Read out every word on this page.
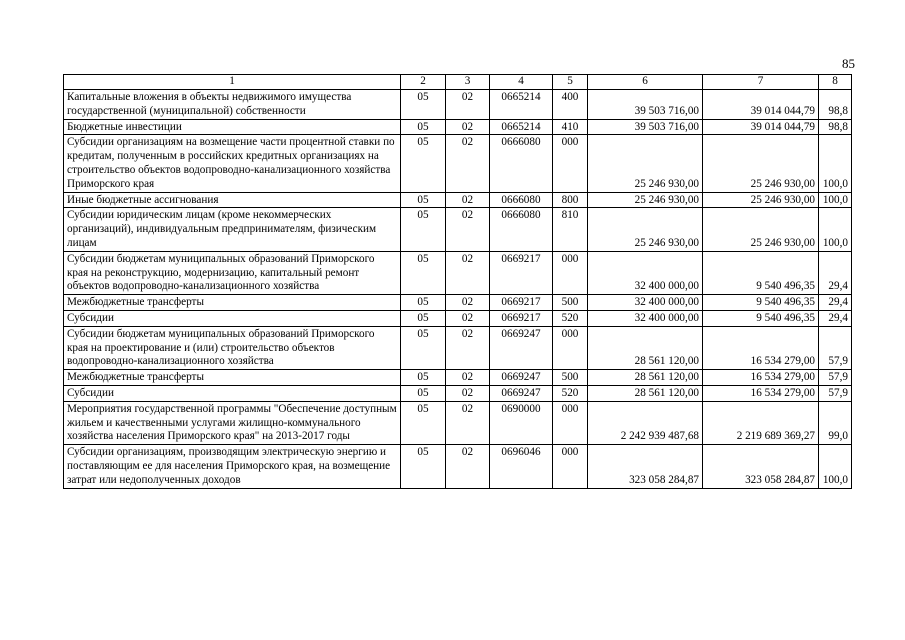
85
1	2	3	4	5	6	7	8
Капитальные вложения в объекты недвижимого имущества государственной (муниципальной) собственности	05	02	0665214	400	39 503 716,00	39 014 044,79	98,8
Бюджетные инвестиции	05	02	0665214	410	39 503 716,00	39 014 044,79	98,8
Субсидии организациям на возмещение части процентной ставки по кредитам, полученным в российских кредитных организациях на строительство объектов водопроводно-канализационного хозяйства Приморского края	05	02	0666080	000	25 246 930,00	25 246 930,00	100,0
Иные бюджетные ассигнования	05	02	0666080	800	25 246 930,00	25 246 930,00	100,0
Субсидии юридическим лицам (кроме некоммерческих организаций), индивидуальным предпринимателям, физическим лицам	05	02	0666080	810	25 246 930,00	25 246 930,00	100,0
Субсидии бюджетам муниципальных образований Приморского края на реконструкцию, модернизацию, капитальный ремонт объектов водопроводно-канализационного хозяйства	05	02	0669217	000	32 400 000,00	9 540 496,35	29,4
Межбюджетные трансферты	05	02	0669217	500	32 400 000,00	9 540 496,35	29,4
Субсидии	05	02	0669217	520	32 400 000,00	9 540 496,35	29,4
Субсидии бюджетам муниципальных образований Приморского края на проектирование и (или) строительство объектов водопроводно-канализационного хозяйства	05	02	0669247	000	28 561 120,00	16 534 279,00	57,9
Межбюджетные трансферты	05	02	0669247	500	28 561 120,00	16 534 279,00	57,9
Субсидии	05	02	0669247	520	28 561 120,00	16 534 279,00	57,9
Мероприятия государственной программы "Обеспечение доступным жильем и качественными услугами жилищно-коммунального хозяйства населения Приморского края" на 2013-2017 годы	05	02	0690000	000	2 242 939 487,68	2 219 689 369,27	99,0
Субсидии организациям, производящим электрическую энергию и поставляющим ее для населения Приморского края, на возмещение затрат или недополученных доходов	05	02	0696046	000	323 058 284,87	323 058 284,87	100,0
